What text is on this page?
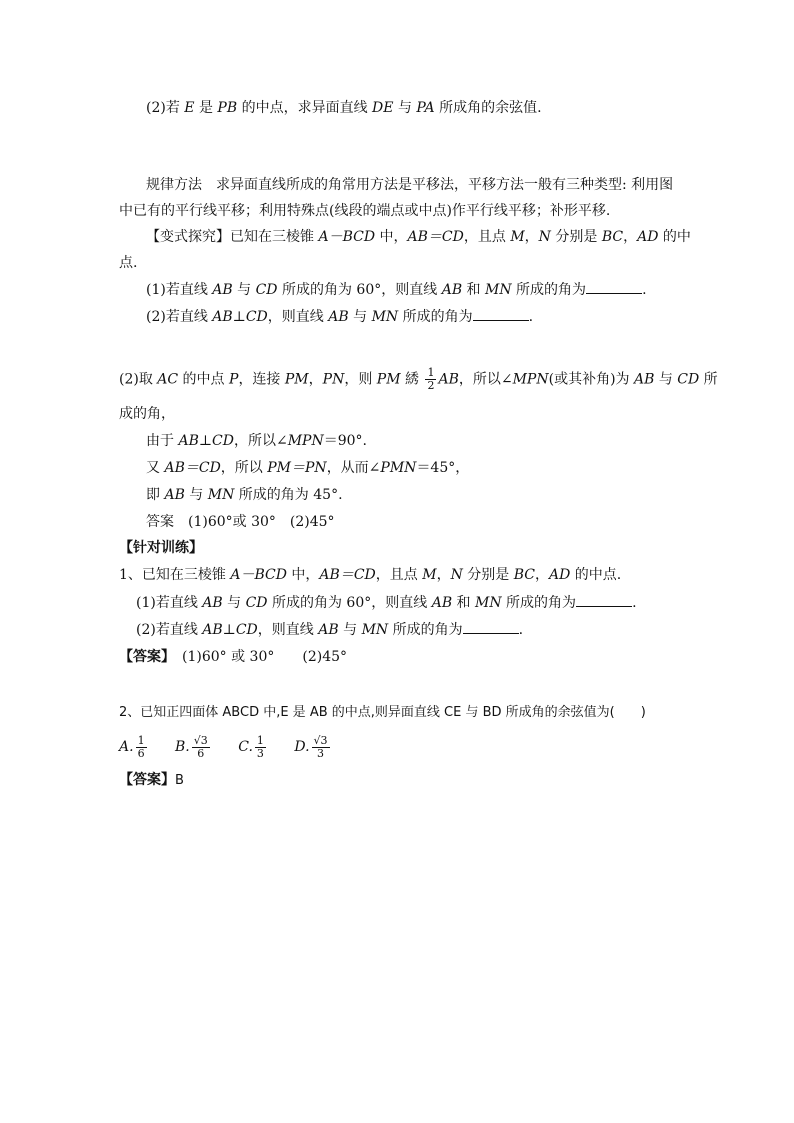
(2)若 E 是 PB 的中点，求异面直线 DE 与 PA 所成角的余弦值.
规律方法　求异面直线所成的角常用方法是平移法，平移方法一般有三种类型: 利用图
中已有的平行线平移；利用特殊点(线段的端点或中点)作平行线平移；补形平移.
【变式探究】已知在三棱锥 A－BCD 中，AB＝CD，且点 M，N 分别是 BC，AD 的中
点.
(1)若直线 AB 与 CD 所成的角为 60°，则直线 AB 和 MN 所成的角为	.
(2)若直线 AB⊥CD，则直线 AB 与 MN 所成的角为	.
(2)取 AC 的中点 P，连接 PM，PN，则 PM 綉 $\frac{1}{2}$ AB，所以∠MPN(或其补角)为 AB 与 CD 所
成的角，
由于 AB⊥CD，所以∠MPN＝90°.
又 AB＝CD，所以 PM＝PN，从而∠PMN＝45°，
即 AB 与 MN 所成的角为 45°.
答案　(1)60°或 30°　(2)45°
【针对训练】
1、已知在三棱锥 A－BCD 中，AB＝CD，且点 M，N 分别是 BC，AD 的中点.
(1)若直线 AB 与 CD 所成的角为 60°，则直线 AB 和 MN 所成的角为	.
(2)若直线 AB⊥CD，则直线 AB 与 MN 所成的角为	.
【答案】　(1)60° 或 30°　　(2)45°
2、已知正四面体 ABCD 中,E 是 AB 的中点,则异面直线 CE 与 BD 所成角的余弦值为(　　)
A. $\frac{1}{6} B$. $\frac{√3}{6} C$. $\frac{1}{3} D$. $\frac{√3}{3}$
【答案】B
